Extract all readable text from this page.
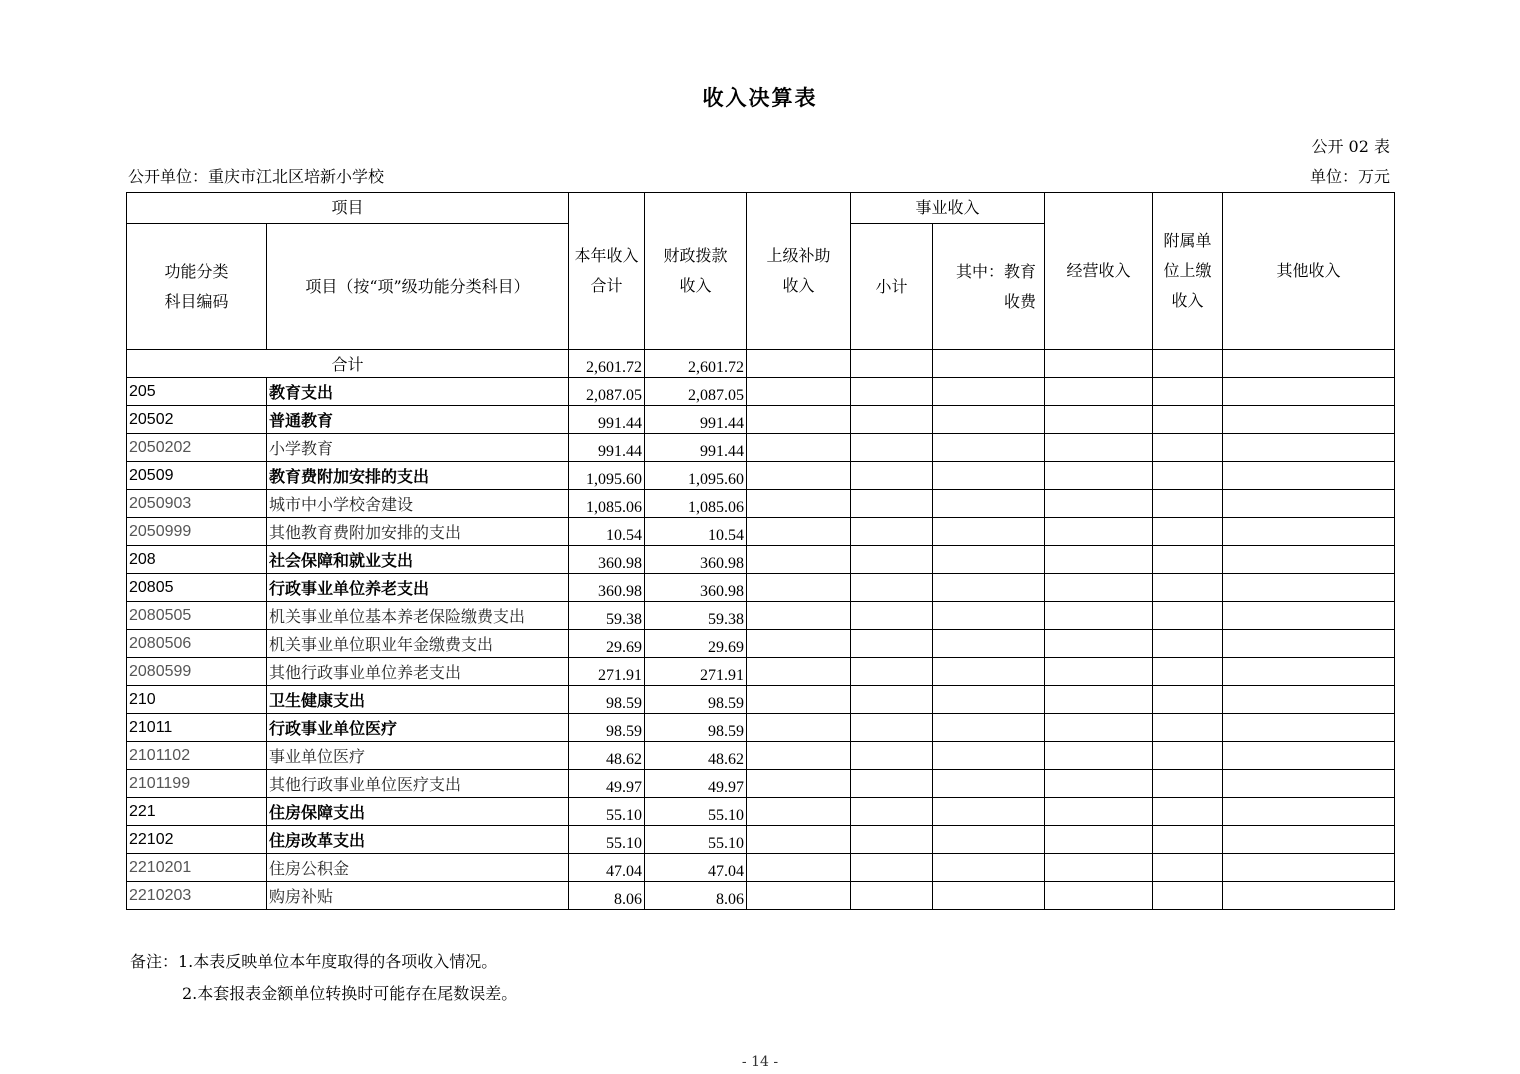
收入决算表
公开 02 表
公开单位：重庆市江北区培新小学校	单位：万元
项目		本年收入合计	财政拨款收入	上级补助收入	事业收入		经营收入	附属单位上缴收入	其他收入
功能分类科目编码	项目（按“项”级功能分类科目）				小计	其中：教育收费			
合计		2,601.72	2,601.72						
205	教育支出	2,087.05	2,087.05						
20502	普通教育	991.44	991.44						
2050202	小学教育	991.44	991.44						
20509	教育费附加安排的支出	1,095.60	1,095.60						
2050903	城市中小学校舍建设	1,085.06	1,085.06						
2050999	其他教育费附加安排的支出	10.54	10.54						
208	社会保障和就业支出	360.98	360.98						
20805	行政事业单位养老支出	360.98	360.98						
2080505	机关事业单位基本养老保险缴费支出	59.38	59.38						
2080506	机关事业单位职业年金缴费支出	29.69	29.69						
2080599	其他行政事业单位养老支出	271.91	271.91						
210	卫生健康支出	98.59	98.59						
21011	行政事业单位医疗	98.59	98.59						
2101102	事业单位医疗	48.62	48.62						
2101199	其他行政事业单位医疗支出	49.97	49.97						
221	住房保障支出	55.10	55.10						
22102	住房改革支出	55.10	55.10						
2210201	住房公积金	47.04	47.04						
2210203	购房补贴	8.06	8.06						
备注：1.本表反映单位本年度取得的各项收入情况。
2.本套报表金额单位转换时可能存在尾数误差。
- 14 -
